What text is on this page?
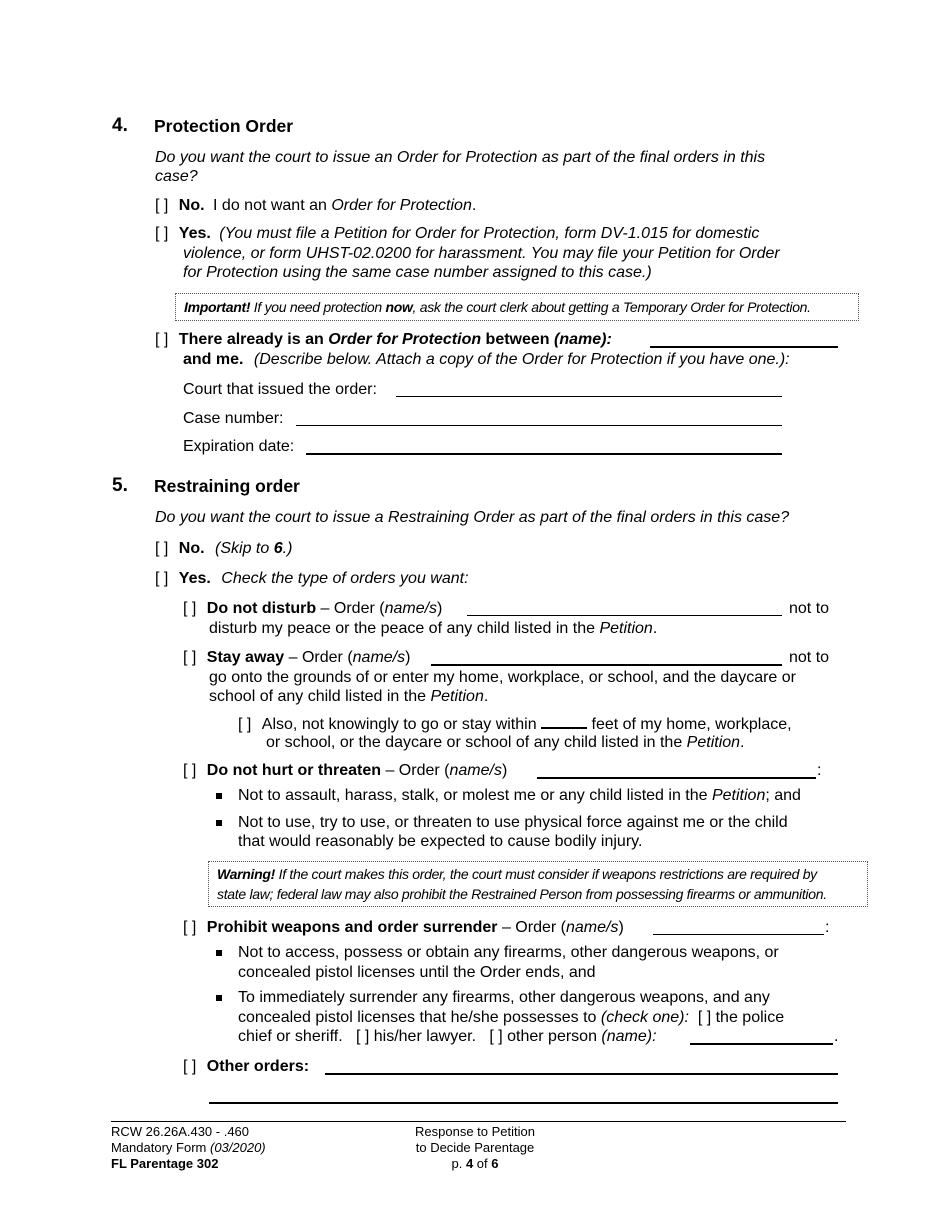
4. Protection Order
Do you want the court to issue an Order for Protection as part of the final orders in this
case?
[ ] No. I do not want an Order for Protection.
[ ] Yes. (You must file a Petition for Order for Protection, form DV-1.015 for domestic
violence, or form UHST-02.0200 for harassment. You may file your Petition for Order
for Protection using the same case number assigned to this case.)
Important! If you need protection now, ask the court clerk about getting a Temporary Order for Protection.
[ ] There already is an Order for Protection between (name):
and me. (Describe below. Attach a copy of the Order for Protection if you have one.):
Court that issued the order:
Case number:
Expiration date:
5. Restraining order
Do you want the court to issue a Restraining Order as part of the final orders in this case?
[ ] No. (Skip to 6.)
[ ] Yes. Check the type of orders you want:
[ ] Do not disturb – Order (name/s)	not to
disturb my peace or the peace of any child listed in the Petition.
[ ] Stay away – Order (name/s)	not to
go onto the grounds of or enter my home, workplace, or school, and the daycare or
school of any child listed in the Petition.
[ ] Also, not knowingly to go or stay within	feet of my home, workplace,
or school, or the daycare or school of any child listed in the Petition.
[ ] Do not hurt or threaten – Order (name/s)	:
Not to assault, harass, stalk, or molest me or any child listed in the Petition; and
Not to use, try to use, or threaten to use physical force against me or the child
that would reasonably be expected to cause bodily injury.
Warning! If the court makes this order, the court must consider if weapons restrictions are required by
state law; federal law may also prohibit the Restrained Person from possessing firearms or ammunition.
[ ] Prohibit weapons and order surrender – Order (name/s)	:
Not to access, possess or obtain any firearms, other dangerous weapons, or
concealed pistol licenses until the Order ends, and
To immediately surrender any firearms, other dangerous weapons, and any
concealed pistol licenses that he/she possesses to (check one):  [ ] the police
chief or sheriff.   [ ] his/her lawyer.   [ ] other person (name):	.
[ ] Other orders:
RCW 26.26A.430 - .460
Mandatory Form (03/2020)
FL Parentage 302
Response to Petition
to Decide Parentage
p. 4 of 6
